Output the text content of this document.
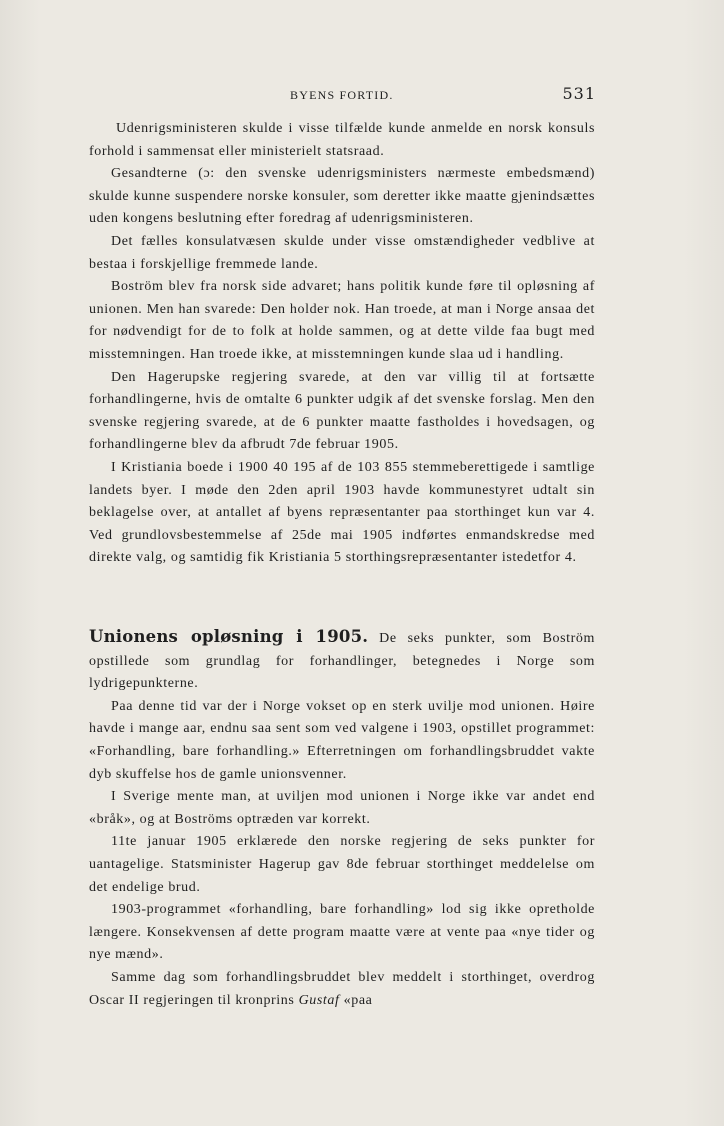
BYENS FORTID.	531

Udenrigsministeren skulde i visse tilfælde kunde anmelde en norsk konsuls forhold i sammensat eller ministerielt statsraad.

Gesandterne (ɔ: den svenske udenrigsministers nærmeste embedsmænd) skulde kunne suspendere norske konsuler, som deretter ikke maatte gjenindsættes uden kongens beslutning efter foredrag af udenrigsministeren.

Det fælles konsulatvæsen skulde under visse omstændigheder vedblive at bestaa i forskjellige fremmede lande.

Boström blev fra norsk side advaret; hans politik kunde føre til opløsning af unionen. Men han svarede: Den holder nok. Han troede, at man i Norge ansaa det for nødvendigt for de to folk at holde sammen, og at dette vilde faa bugt med misstemningen. Han troede ikke, at misstemningen kunde slaa ud i handling.

Den Hagerupske regjering svarede, at den var villig til at fortsætte forhandlingerne, hvis de omtalte 6 punkter udgik af det svenske forslag. Men den svenske regjering svarede, at de 6 punkter maatte fastholdes i hovedsagen, og forhandlingerne blev da afbrudt 7de februar 1905.

I Kristiania boede i 1900 40 195 af de 103 855 stemmeberettigede i samtlige landets byer. I møde den 2den april 1903 havde kommunestyret udtalt sin beklagelse over, at antallet af byens repræsentanter paa storthinget kun var 4. Ved grundlovsbestemmelse af 25de mai 1905 indførtes enmandskredse med direkte valg, og samtidig fik Kristiania 5 storthingsrepræsentanter istedetfor 4.

Unionens opløsning i 1905. De seks punkter, som Boström opstillede som grundlag for forhandlinger, betegnedes i Norge som lydrigepunkterne.

Paa denne tid var der i Norge vokset op en sterk uvilje mod unionen. Høire havde i mange aar, endnu saa sent som ved valgene i 1903, opstillet programmet: «Forhandling, bare forhandling.» Efterretningen om forhandlingsbruddet vakte dyb skuffelse hos de gamle unionsvenner.

I Sverige mente man, at uviljen mod unionen i Norge ikke var andet end «bråk», og at Boströms optræden var korrekt.

11te januar 1905 erklærede den norske regjering de seks punkter for uantagelige. Statsminister Hagerup gav 8de februar storthinget meddelelse om det endelige brud.

1903-programmet «forhandling, bare forhandling» lod sig ikke opretholde længere. Konsekvensen af dette program maatte være at vente paa «nye tider og nye mænd».

Samme dag som forhandlingsbruddet blev meddelt i storthinget, overdrog Oscar II regjeringen til kronprins Gustaf «paa
